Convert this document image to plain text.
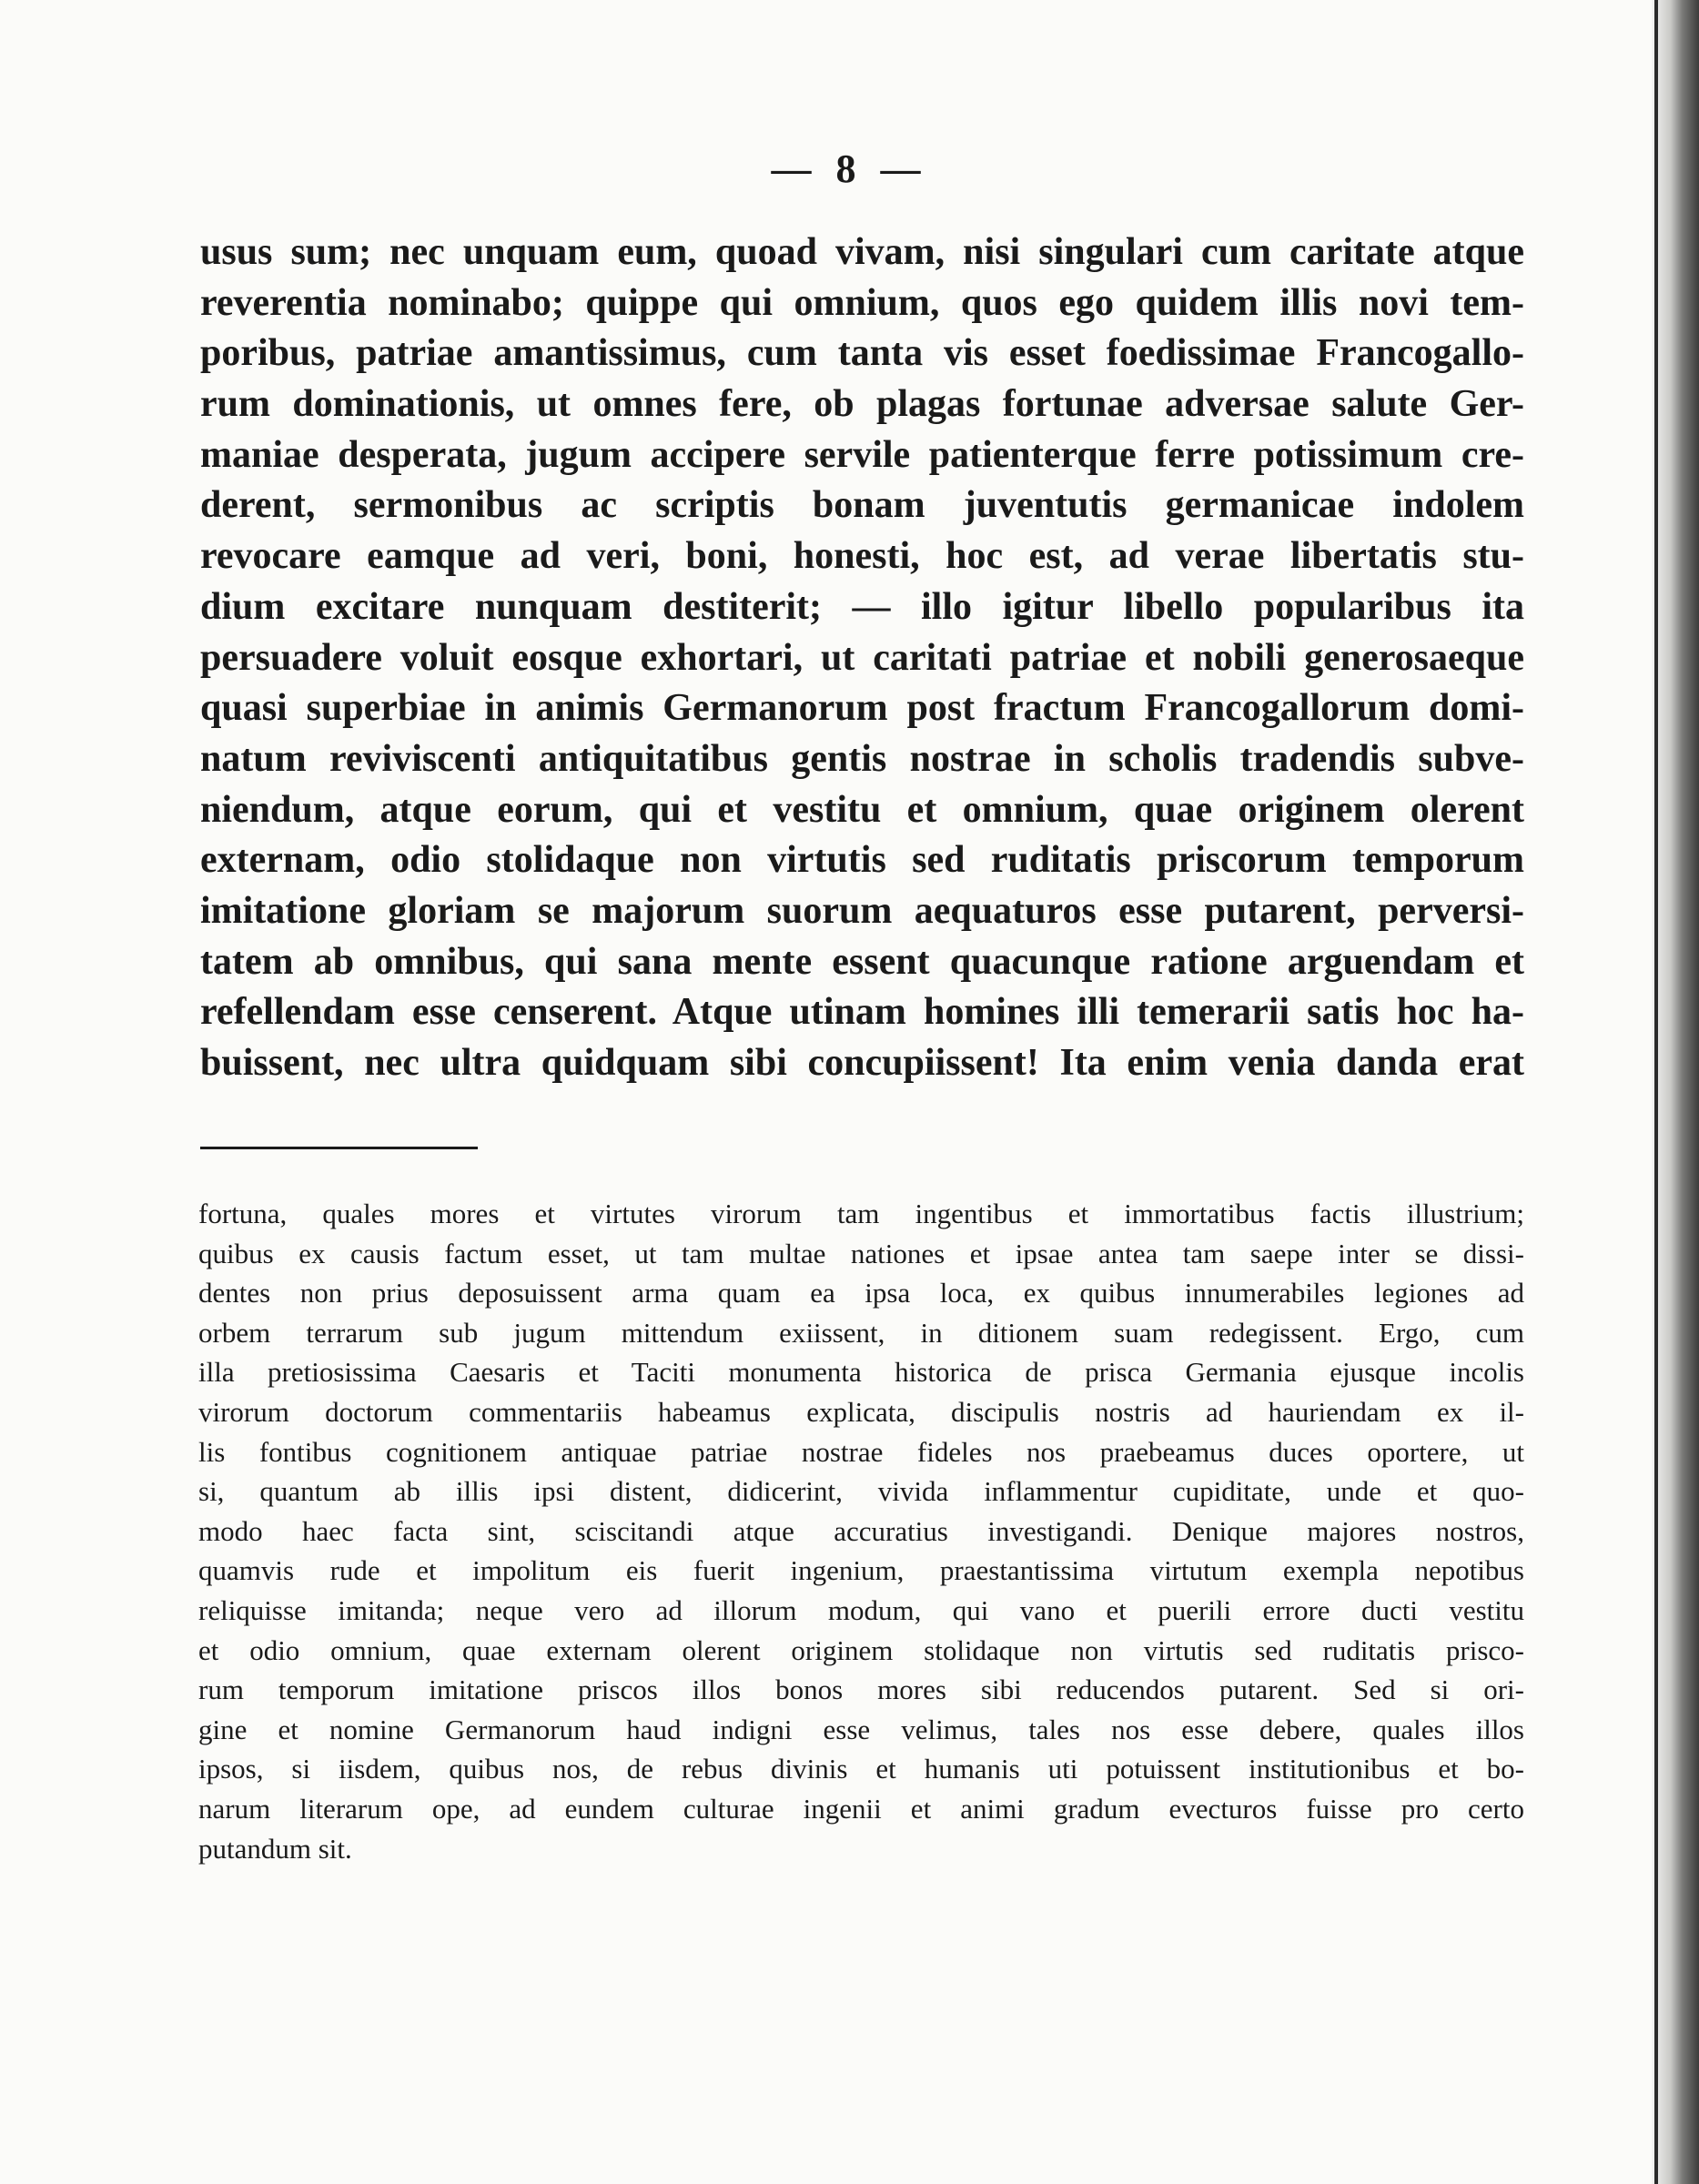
— 8 —
usus sum; nec unquam eum, quoad vivam, nisi singulari cum caritate atque
reverentia nominabo; quippe qui omnium, quos ego quidem illis novi tem-
poribus, patriae amantissimus, cum tanta vis esset foedissimae Francogallo-
rum dominationis, ut omnes fere, ob plagas fortunae adversae salute Ger-
maniae desperata, jugum accipere servile patienterque ferre potissimum cre-
derent, sermonibus ac scriptis bonam juventutis germanicae indolem
revocare eamque ad veri, boni, honesti, hoc est, ad verae libertatis stu-
dium excitare nunquam destiterit; — illo igitur libello popularibus ita
persuadere voluit eosque exhortari, ut caritati patriae et nobili generosaeque
quasi superbiae in animis Germanorum post fractum Francogallorum domi-
natum reviviscenti antiquitatibus gentis nostrae in scholis tradendis subve-
niendum, atque eorum, qui et vestitu et omnium, quae originem olerent
externam, odio stolidaque non virtutis sed ruditatis priscorum temporum
imitatione gloriam se majorum suorum aequaturos esse putarent, perversi-
tatem ab omnibus, qui sana mente essent quacunque ratione arguendam et
refellendam esse censerent. Atque utinam homines illi temerarii satis hoc ha-
buissent, nec ultra quidquam sibi concupiissent! Ita enim venia danda erat
fortuna, quales mores et virtutes virorum tam ingentibus et immortatibus factis illustrium;
quibus ex causis factum esset, ut tam multae nationes et ipsae antea tam saepe inter se dissi-
dentes non prius deposuissent arma quam ea ipsa loca, ex quibus innumerabiles legiones ad
orbem terrarum sub jugum mittendum exiissent, in ditionem suam redegissent. Ergo, cum
illa pretiosissima Caesaris et Taciti monumenta historica de prisca Germania ejusque incolis
virorum doctorum commentariis habeamus explicata, discipulis nostris ad hauriendam ex il-
lis fontibus cognitionem antiquae patriae nostrae fideles nos praebeamus duces oportere, ut
si, quantum ab illis ipsi distent, didicerint, vivida inflammentur cupiditate, unde et quo-
modo haec facta sint, sciscitandi atque accuratius investigandi. Denique majores nostros,
quamvis rude et impolitum eis fuerit ingenium, praestantissima virtutum exempla nepotibus
reliquisse imitanda; neque vero ad illorum modum, qui vano et puerili errore ducti vestitu
et odio omnium, quae externam olerent originem stolidaque non virtutis sed ruditatis prisco-
rum temporum imitatione priscos illos bonos mores sibi reducendos putarent. Sed si ori-
gine et nomine Germanorum haud indigni esse velimus, tales nos esse debere, quales illos
ipsos, si iisdem, quibus nos, de rebus divinis et humanis uti potuissent institutionibus et bo-
narum literarum ope, ad eundem culturae ingenii et animi gradum evecturos fuisse pro certo
putandum sit.
